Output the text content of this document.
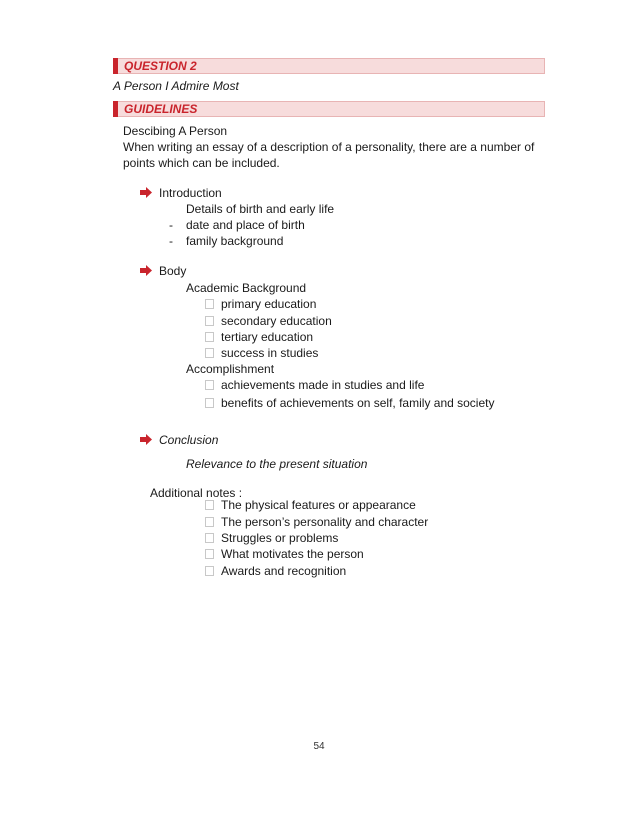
QUESTION 2
A Person I Admire Most
GUIDELINES
Descibing A Person
When writing an essay of a description of a personality, there are a number of
points which can be included.
Introduction
Details of birth and early life
- date and place of birth
- family background
Body
Academic Background
primary education
secondary education
tertiary education
success in studies
Accomplishment
achievements made in studies and life
benefits of achievements on self, family and society
Conclusion
Relevance to the present situation
Additional notes :
The physical features or appearance
The person’s personality and character
Struggles or problems
What motivates the person
Awards and recognition
54
